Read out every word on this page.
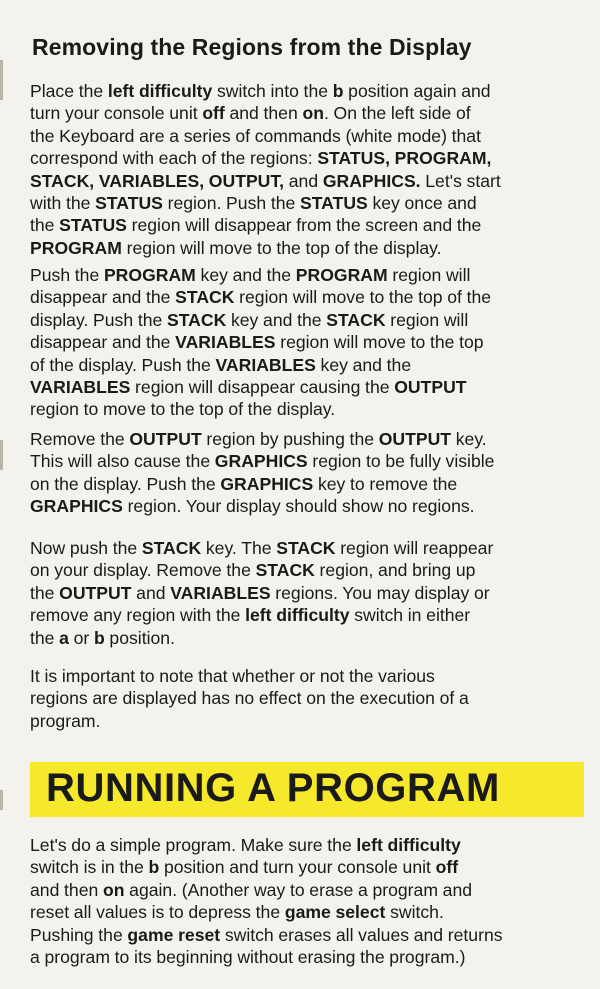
Removing the Regions from the Display

Place the left difficulty switch into the b position again and
turn your console unit off and then on. On the left side of
the Keyboard are a series of commands (white mode) that
correspond with each of the regions: STATUS, PROGRAM,
STACK, VARIABLES, OUTPUT, and GRAPHICS. Let's start
with the STATUS region. Push the STATUS key once and
the STATUS region will disappear from the screen and the
PROGRAM region will move to the top of the display.

Push the PROGRAM key and the PROGRAM region will
disappear and the STACK region will move to the top of the
display. Push the STACK key and the STACK region will
disappear and the VARIABLES region will move to the top
of the display. Push the VARIABLES key and the
VARIABLES region will disappear causing the OUTPUT
region to move to the top of the display.

Remove the OUTPUT region by pushing the OUTPUT key.
This will also cause the GRAPHICS region to be fully visible
on the display. Push the GRAPHICS key to remove the
GRAPHICS region. Your display should show no regions.

Now push the STACK key. The STACK region will reappear
on your display. Remove the STACK region, and bring up
the OUTPUT and VARIABLES regions. You may display or
remove any region with the left difficulty switch in either
the a or b position.

It is important to note that whether or not the various
regions are displayed has no effect on the execution of a
program.

RUNNING A PROGRAM

Let's do a simple program. Make sure the left difficulty
switch is in the b position and turn your console unit off
and then on again. (Another way to erase a program and
reset all values is to depress the game select switch.
Pushing the game reset switch erases all values and returns
a program to its beginning without erasing the program.)
